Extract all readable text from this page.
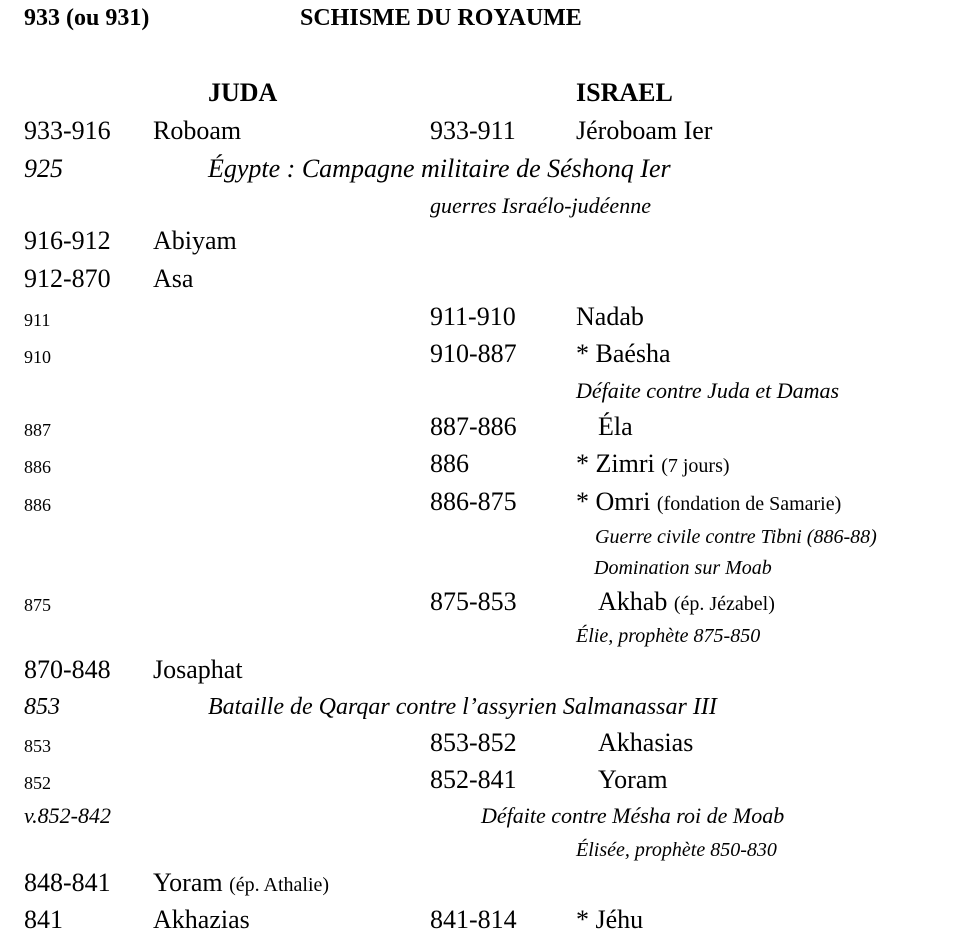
933 (ou 931)	SCHISME DU ROYAUME
JUDA	ISRAEL
933-916 Roboam	933-911 Jéroboam Ier
925	Égypte : Campagne militaire de Séshonq Ier
guerres Israélo-judéenne
916-912 Abiyam
912-870 Asa
911	911-910 Nadab
910	910-887 * Baésha
Défaite contre Juda et Damas
887	887-886	Éla
886	886	* Zimri (7 jours)
886	886-875 * Omri (fondation de Samarie)
Guerre civile contre Tibni (886-88)
Domination sur Moab
875	875-853	Akhab (ép. Jézabel)
Élie, prophète 875-850
870-848 Josaphat
853	Bataille de Qarqar contre l’assyrien Salmanassar III
853	853-852	Akhasias
852	852-841	Yoram
v.852-842	Défaite contre Mésha roi de Moab
Élisée, prophète 850-830
848-841 Yoram (ép. Athalie)
841	Akhazias	841-814 * Jéhu
